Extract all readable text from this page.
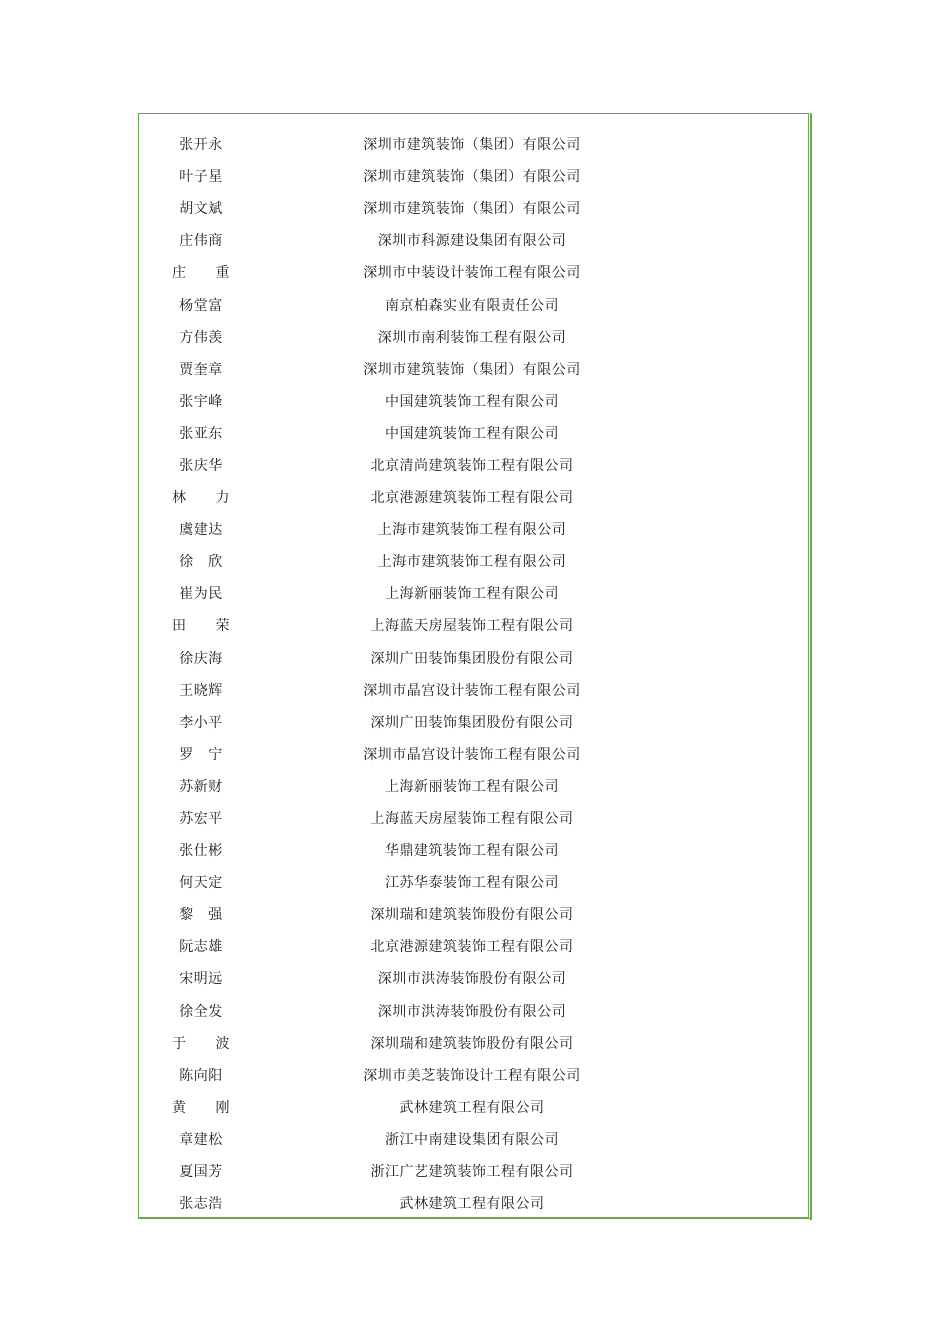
张开永	深圳市建筑装饰（集团）有限公司
叶子星	深圳市建筑装饰（集团）有限公司
胡文斌	深圳市建筑装饰（集团）有限公司
庄伟商	深圳市科源建设集团有限公司
庄　　重	深圳市中装设计装饰工程有限公司
杨堂富	南京柏森实业有限责任公司
方伟羡	深圳市南利装饰工程有限公司
贾奎章	深圳市建筑装饰（集团）有限公司
张宇峰	中国建筑装饰工程有限公司
张亚东	中国建筑装饰工程有限公司
张庆华	北京清尚建筑装饰工程有限公司
林　　力	北京港源建筑装饰工程有限公司
虞建达	上海市建筑装饰工程有限公司
徐　欣	上海市建筑装饰工程有限公司
崔为民	上海新丽装饰工程有限公司
田　　荣	上海蓝天房屋装饰工程有限公司
徐庆海	深圳广田装饰集团股份有限公司
王晓辉	深圳市晶宫设计装饰工程有限公司
李小平	深圳广田装饰集团股份有限公司
罗　宁	深圳市晶宫设计装饰工程有限公司
苏新财	上海新丽装饰工程有限公司
苏宏平	上海蓝天房屋装饰工程有限公司
张仕彬	华鼎建筑装饰工程有限公司
何天定	江苏华泰装饰工程有限公司
黎　强	深圳瑞和建筑装饰股份有限公司
阮志雄	北京港源建筑装饰工程有限公司
宋明远	深圳市洪涛装饰股份有限公司
徐全发	深圳市洪涛装饰股份有限公司
于　　波	深圳瑞和建筑装饰股份有限公司
陈向阳	深圳市美芝装饰设计工程有限公司
黄　　刚	武林建筑工程有限公司
章建松	浙江中南建设集团有限公司
夏国芳	浙江广艺建筑装饰工程有限公司
张志浩	武林建筑工程有限公司
